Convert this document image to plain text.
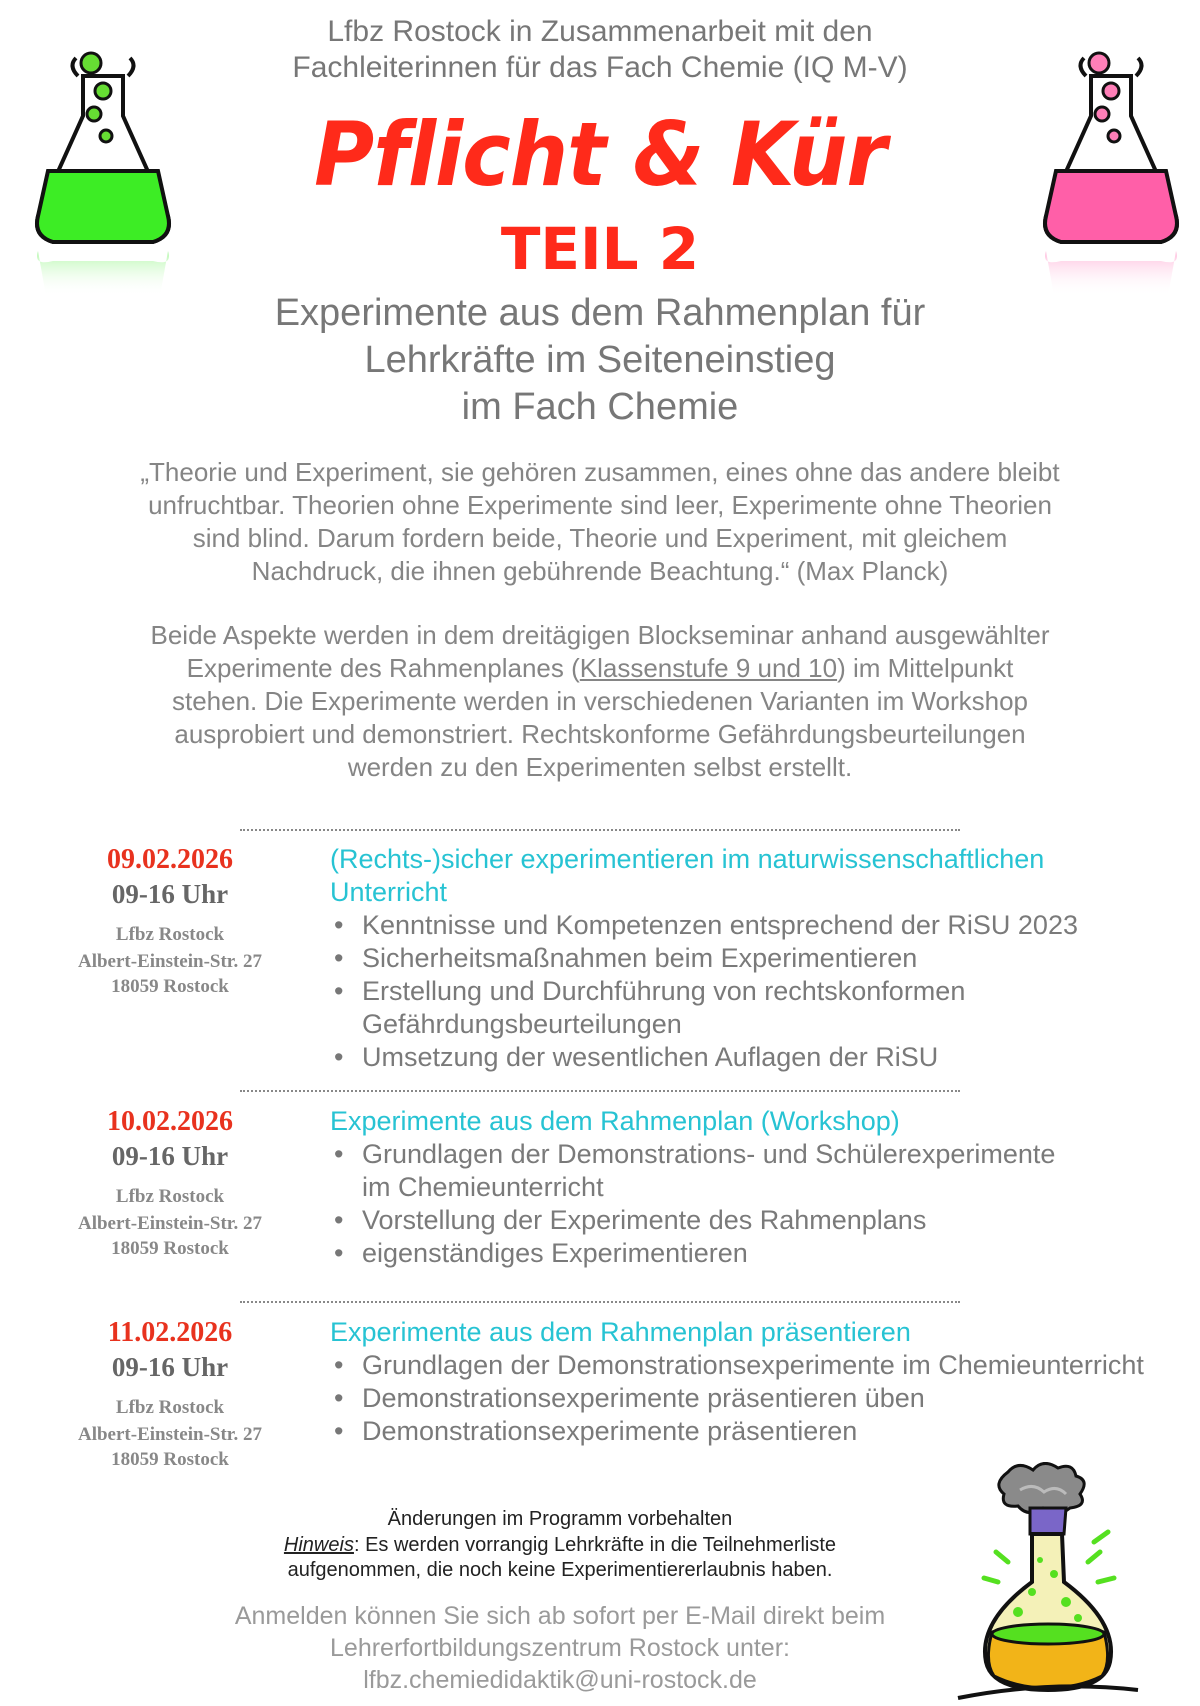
Lfbz Rostock in Zusammenarbeit mit den
Fachleiterinnen für das Fach Chemie (IQ M-V)
Pflicht & Kür
TEIL 2
Experimente aus dem Rahmenplan für
Lehrkräfte im Seiteneinstieg
im Fach Chemie
„Theorie und Experiment, sie gehören zusammen, eines ohne das andere bleibt
unfruchtbar. Theorien ohne Experimente sind leer, Experimente ohne Theorien
sind blind. Darum fordern beide, Theorie und Experiment, mit gleichem
Nachdruck, die ihnen gebührende Beachtung.“ (Max Planck)
Beide Aspekte werden in dem dreitägigen Blockseminar anhand ausgewählter
Experimente des Rahmenplanes (Klassenstufe 9 und 10) im Mittelpunkt
stehen. Die Experimente werden in verschiedenen Varianten im Workshop
ausprobiert und demonstriert. Rechtskonforme Gefährdungsbeurteilungen
werden zu den Experimenten selbst erstellt.
09.02.2026
09-16 Uhr
Lfbz Rostock
Albert-Einstein-Str. 27
18059 Rostock
(Rechts-)sicher experimentieren im naturwissenschaftlichen
Unterricht
• Kenntnisse und Kompetenzen entsprechend der RiSU 2023
• Sicherheitsmaßnahmen beim Experimentieren
• Erstellung und Durchführung von rechtskonformen
Gefährdungsbeurteilungen
• Umsetzung der wesentlichen Auflagen der RiSU
10.02.2026
09-16 Uhr
Lfbz Rostock
Albert-Einstein-Str. 27
18059 Rostock
Experimente aus dem Rahmenplan (Workshop)
• Grundlagen der Demonstrations- und Schülerexperimente
im Chemieunterricht
• Vorstellung der Experimente des Rahmenplans
• eigenständiges Experimentieren
11.02.2026
09-16 Uhr
Lfbz Rostock
Albert-Einstein-Str. 27
18059 Rostock
Experimente aus dem Rahmenplan präsentieren
• Grundlagen der Demonstrationsexperimente im Chemieunterricht
• Demonstrationsexperimente präsentieren üben
• Demonstrationsexperimente präsentieren
Änderungen im Programm vorbehalten
Hinweis: Es werden vorrangig Lehrkräfte in die Teilnehmerliste
aufgenommen, die noch keine Experimentiererlaubnis haben.
Anmelden können Sie sich ab sofort per E-Mail direkt beim
Lehrerfortbildungszentrum Rostock unter:
lfbz.chemiedidaktik@uni-rostock.de
